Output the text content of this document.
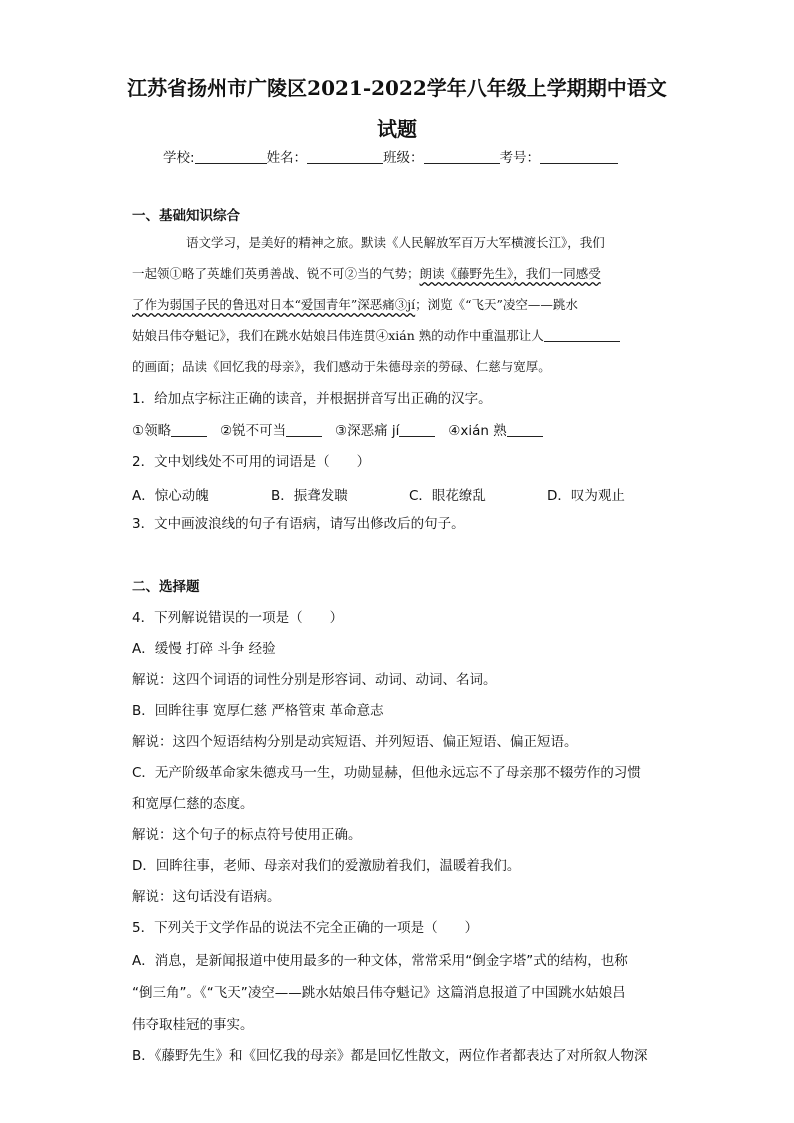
江苏省扬州市广陵区2021-2022学年八年级上学期期中语文
试题
学校:	姓名：	班级：	考号：
一、基础知识综合
语文学习，是美好的精神之旅。默读《人民解放军百万大军横渡长江》，我们
一起领①略了英雄们英勇善战、锐不可②当的气势；朗读《藤野先生》，我们一同感受
了作为弱国子民的鲁迅对日本“爱国青年”深恶痛③jí；浏览《“飞天”凌空——跳水
姑娘吕伟夺魁记》，我们在跳水姑娘吕伟连贯④xián 熟的动作中重温那让人
的画面；品读《回忆我的母亲》，我们感动于朱德母亲的勞碌、仁慈与宽厚。
1．给加点字标注正确的读音，并根据拼音写出正确的汉字。
①领略	②锐不可当	③深恶痛 jí	④xián 熟
2．文中划线处不可用的词语是（　　）
A．惊心动魄	B．振聋发聩	C．眼花缭乱	D．叹为观止
3．文中画波浪线的句子有语病，请写出修改后的句子。
二、选择题
4．下列解说错误的一项是（　　）
A．缓慢 打碎 斗争 经验
解说：这四个词语的词性分别是形容词、动词、动词、名词。
B．回眸往事 宽厚仁慈 严格管束 革命意志
解说：这四个短语结构分别是动宾短语、并列短语、偏正短语、偏正短语。
C．无产阶级革命家朱德戎马一生，功勋显赫，但他永远忘不了母亲那不辍劳作的习惯
和宽厚仁慈的态度。
解说：这个句子的标点符号使用正确。
D．回眸往事，老师、母亲对我们的爱激励着我们，温暖着我们。
解说：这句话没有语病。
5．下列关于文学作品的说法不完全正确的一项是（　　）
A．消息，是新闻报道中使用最多的一种文体，常常采用“倒金字塔”式的结构，也称
“倒三角”。《“飞天”凌空——跳水姑娘吕伟夺魁记》这篇消息报道了中国跳水姑娘吕
伟夺取桂冠的事实。
B．《藤野先生》和《回忆我的母亲》都是回忆性散文，两位作者都表达了对所叙人物深
